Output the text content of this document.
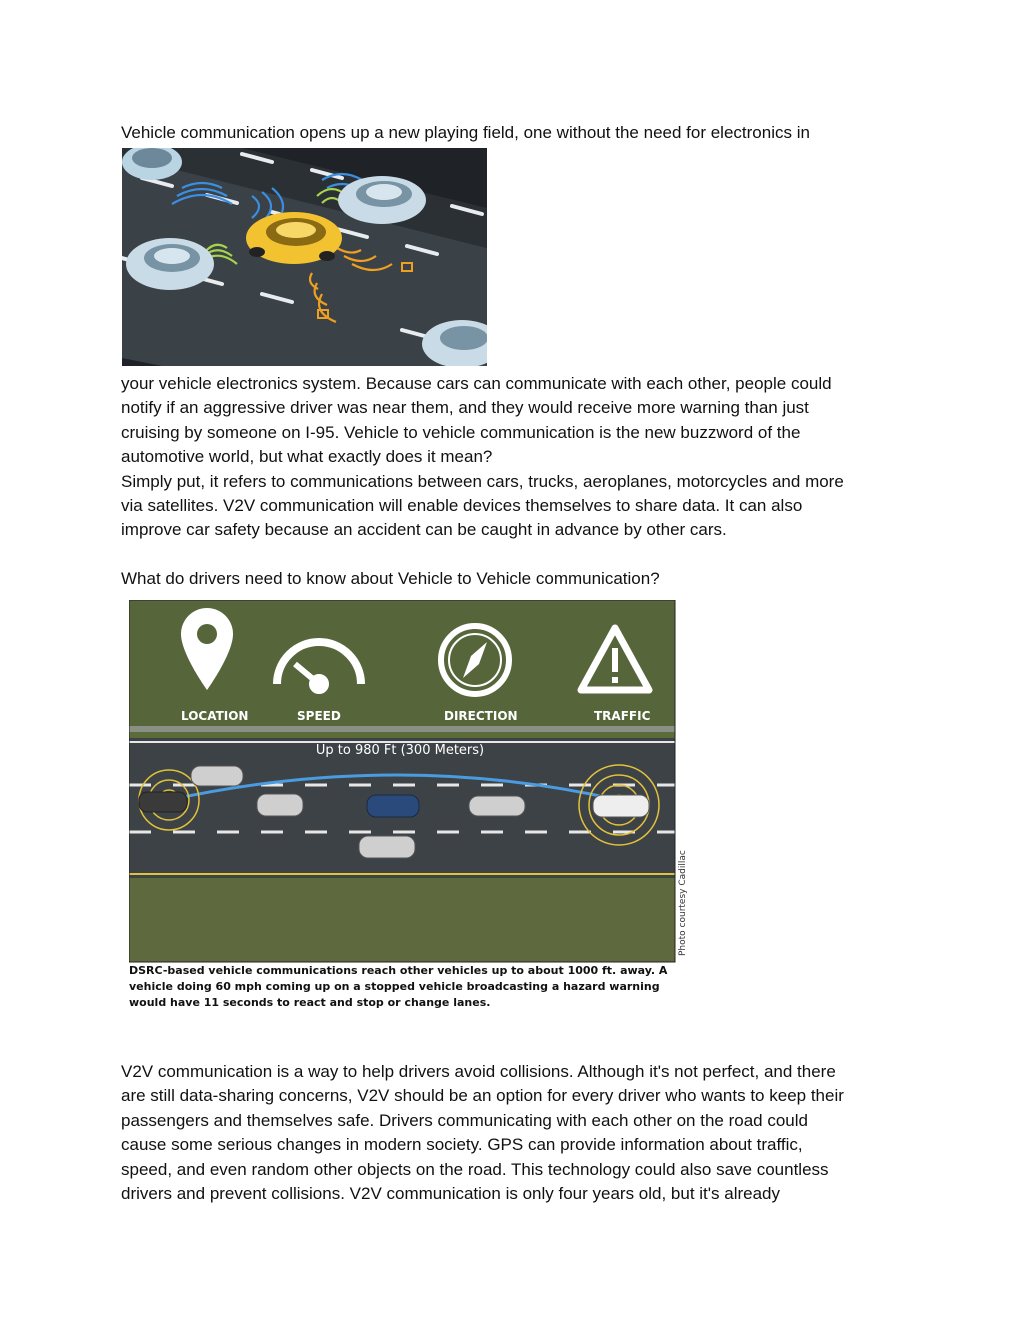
Vehicle communication opens up a new playing field, one without the need for electronics in

your vehicle electronics system. Because cars can communicate with each other, people could
notify if an aggressive driver was near them, and they would receive more warning than just
cruising by someone on I-95. Vehicle to vehicle communication is the new buzzword of the
automotive world, but what exactly does it mean?
Simply put, it refers to communications between cars, trucks, aeroplanes, motorcycles and more
via satellites. V2V communication will enable devices themselves to share data. It can also
improve car safety because an accident can be caught in advance by other cars.

What do drivers need to know about Vehicle to Vehicle communication?

LOCATION	SPEED	DIRECTION	TRAFFIC
Up to 980 Ft (300 Meters)
Photo courtesy Cadillac
DSRC-based vehicle communications reach other vehicles up to about 1000 ft. away. A
vehicle doing 60 mph coming up on a stopped vehicle broadcasting a hazard warning
would have 11 seconds to react and stop or change lanes.

V2V communication is a way to help drivers avoid collisions. Although it's not perfect, and there
are still data-sharing concerns, V2V should be an option for every driver who wants to keep their
passengers and themselves safe. Drivers communicating with each other on the road could
cause some serious changes in modern society. GPS can provide information about traffic,
speed, and even random other objects on the road. This technology could also save countless
drivers and prevent collisions. V2V communication is only four years old, but it's already
